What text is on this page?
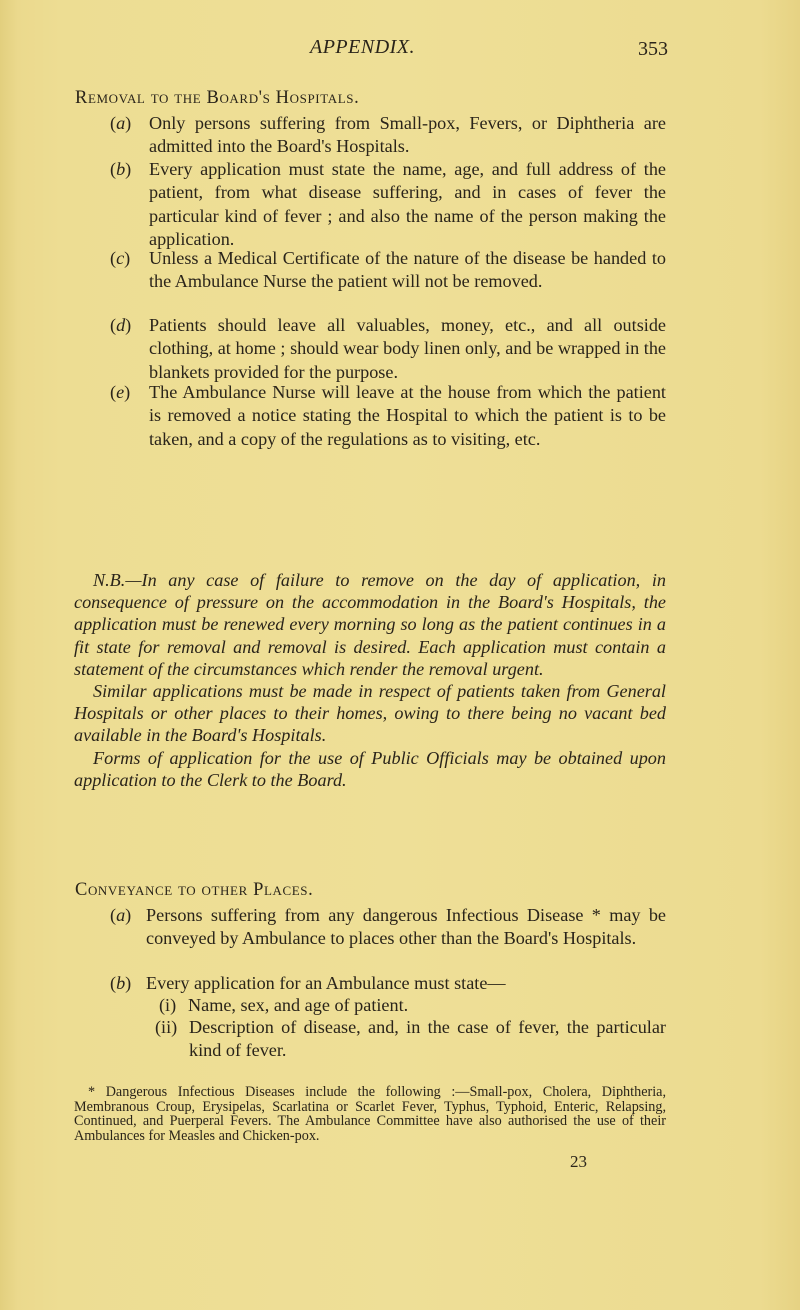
APPENDIX.	353
Removal to the Board's Hospitals.
(a) Only persons suffering from Small-pox, Fevers, or Diphtheria are admitted into the Board's Hospitals.
(b) Every application must state the name, age, and full address of the patient, from what disease suffering, and in cases of fever the particular kind of fever ; and also the name of the person making the application.
(c) Unless a Medical Certificate of the nature of the disease be handed to the Ambulance Nurse the patient will not be removed.
(d) Patients should leave all valuables, money, etc., and all outside clothing, at home ; should wear body linen only, and be wrapped in the blankets provided for the purpose.
(e) The Ambulance Nurse will leave at the house from which the patient is removed a notice stating the Hospital to which the patient is to be taken, and a copy of the regulations as to visiting, etc.

N.B.—In any case of failure to remove on the day of application, in consequence of pressure on the accommodation in the Board's Hospitals, the application must be renewed every morning so long as the patient continues in a fit state for removal and removal is desired. Each application must contain a statement of the circumstances which render the removal urgent.

Similar applications must be made in respect of patients taken from General Hospitals or other places to their homes, owing to there being no vacant bed available in the Board's Hospitals.

Forms of application for the use of Public Officials may be obtained upon application to the Clerk to the Board.

Conveyance to other Places.
(a) Persons suffering from any dangerous Infectious Disease * may be conveyed by Ambulance to places other than the Board's Hospitals.
(b) Every application for an Ambulance must state—
(i) Name, sex, and age of patient.
(ii) Description of disease, and, in the case of fever, the particular kind of fever.

* Dangerous Infectious Diseases include the following :—Small-pox, Cholera, Diphtheria, Membranous Croup, Erysipelas, Scarlatina or Scarlet Fever, Typhus, Typhoid, Enteric, Relapsing, Continued, and Puerperal Fevers. The Ambulance Committee have also authorised the use of their Ambulances for Measles and Chicken-pox.

23
